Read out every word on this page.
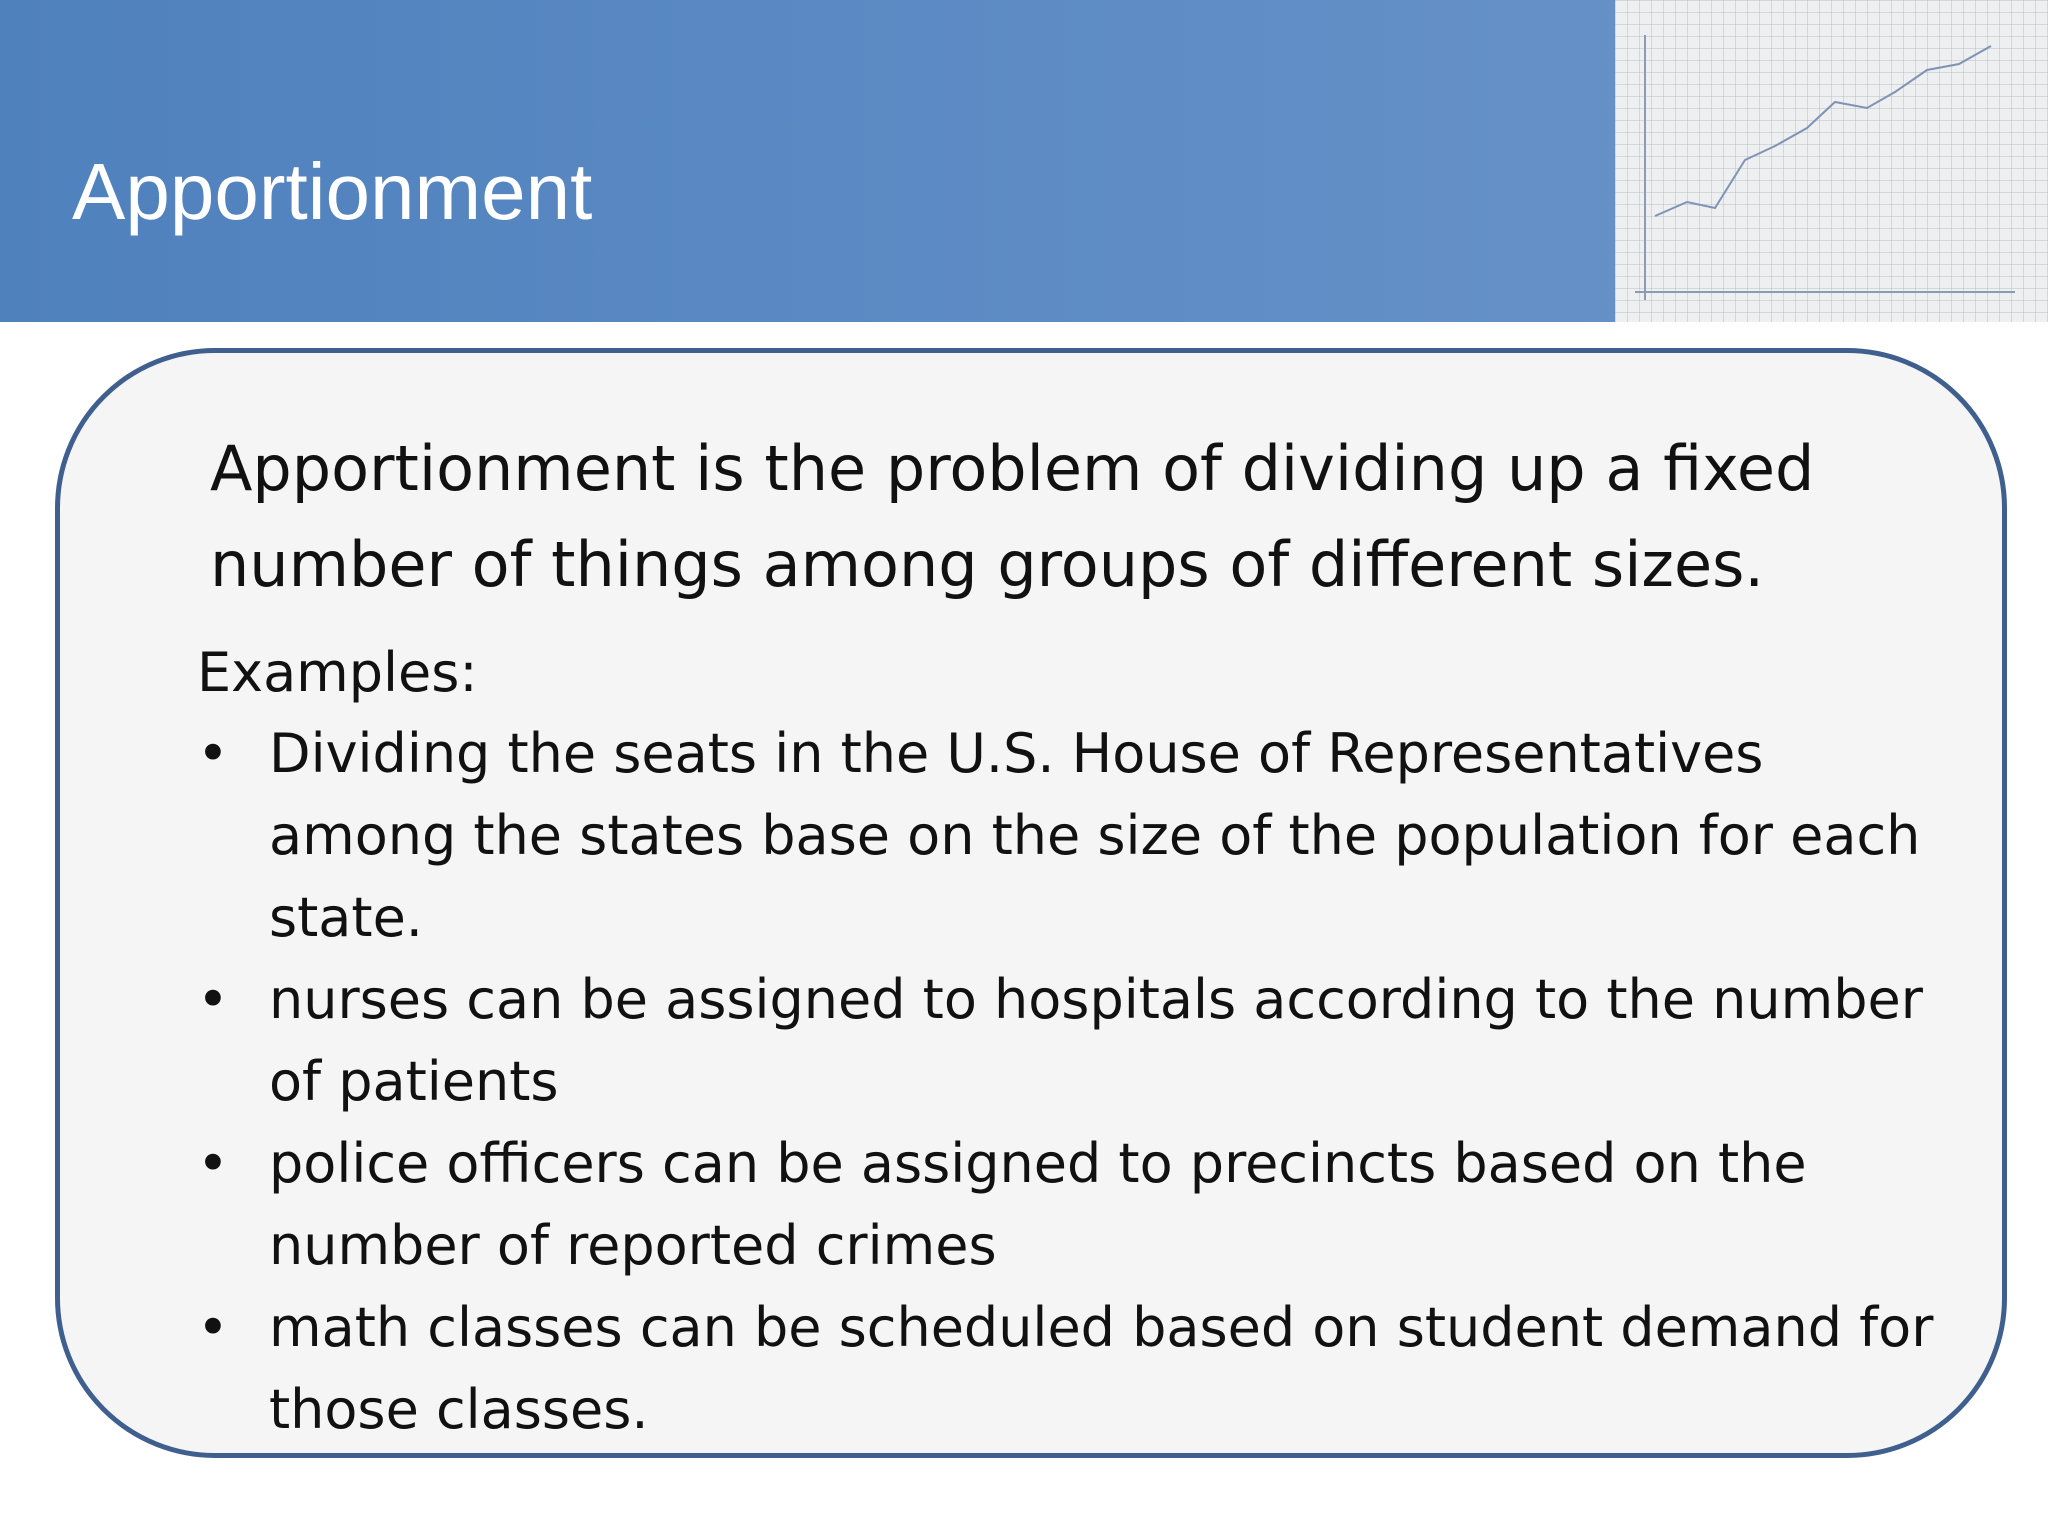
Apportionment

Apportionment is the problem of dividing up a fixed number of things among groups of different sizes.

Examples:
• Dividing the seats in the U.S. House of Representatives among the states base on the size of the population for each state.
• nurses can be assigned to hospitals according to the number of patients
• police officers can be assigned to precincts based on the number of reported crimes
• math classes can be scheduled based on student demand for those classes.
